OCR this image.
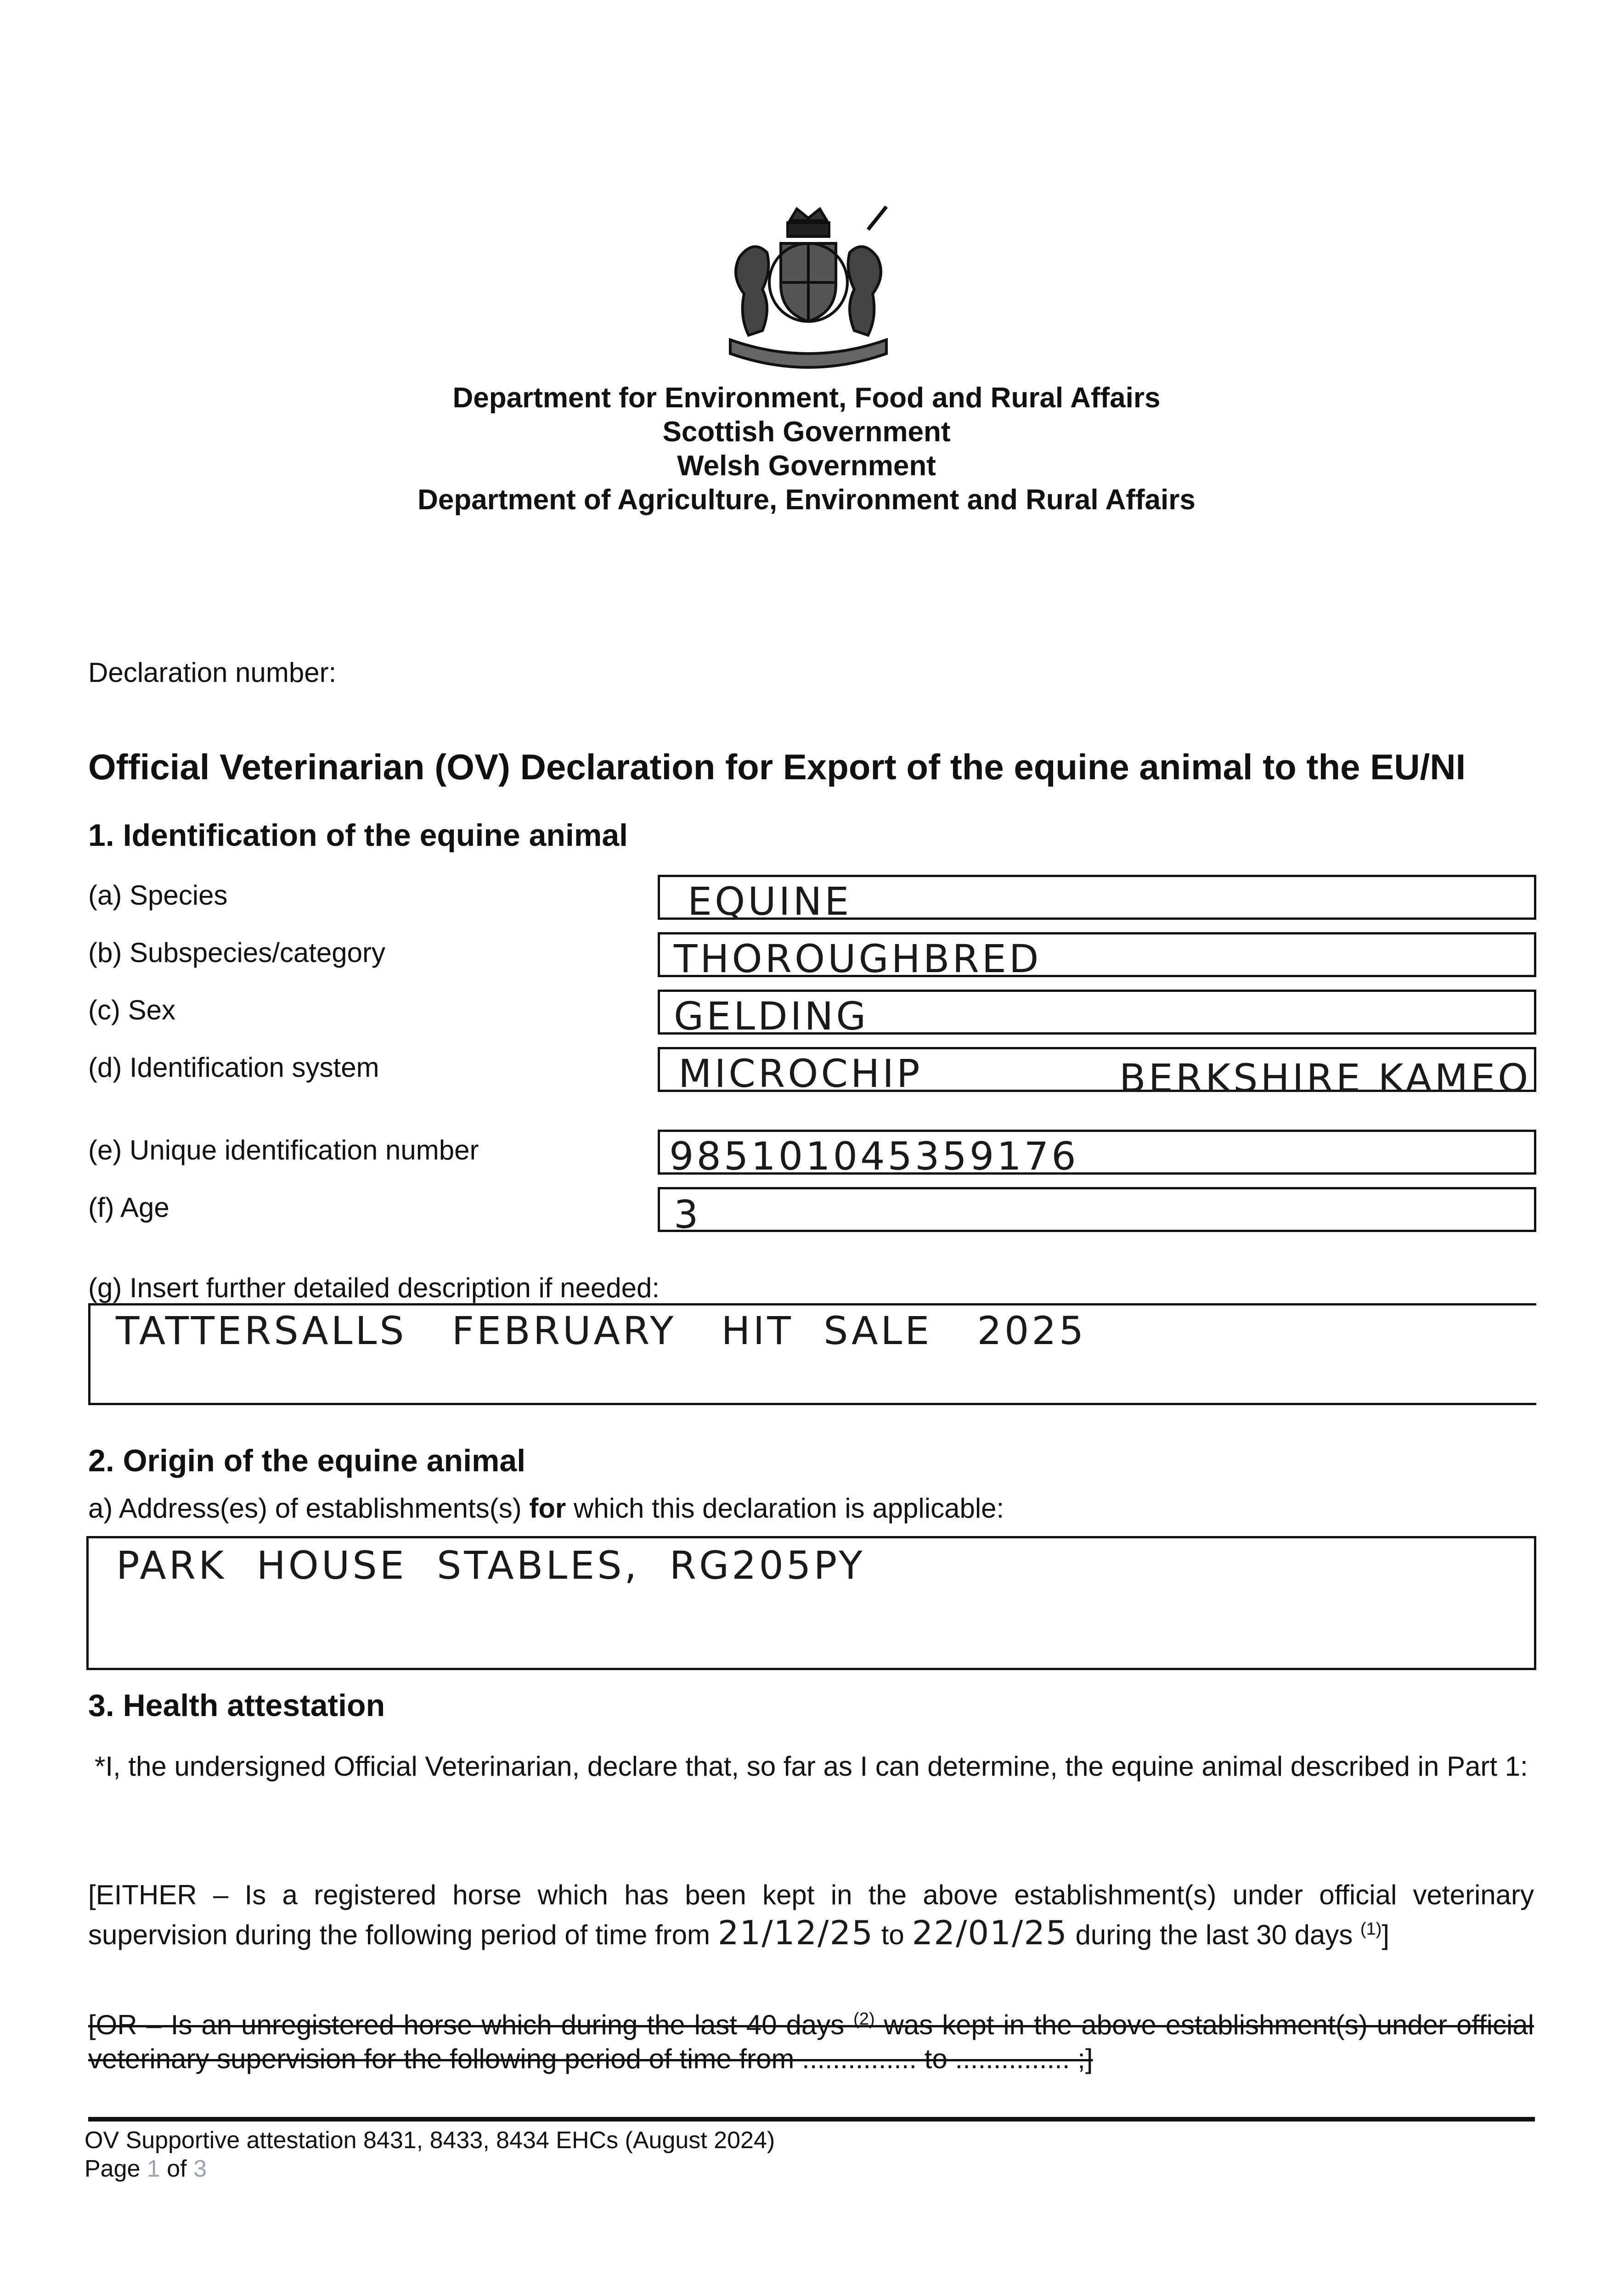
Department for Environment, Food and Rural Affairs
Scottish Government
Welsh Government
Department of Agriculture, Environment and Rural Affairs
Declaration number:
Official Veterinarian (OV) Declaration for Export of the equine animal to the EU/NI
1. Identification of the equine animal
(a) Species	EQUINE
(b) Subspecies/category	THOROUGHBRED
(c) Sex	GELDING
(d) Identification system	MICROCHIP	BERKSHIRE KAMEO
(e) Unique identification number	985101045359176
(f) Age	3
(g) Insert further detailed description if needed:
TATTERSALLS   FEBRUARY   HIT  SALE   2025
2. Origin of the equine animal
a) Address(es) of establishments(s) for which this declaration is applicable:
PARK  HOUSE  STABLES,  RG205PY
3. Health attestation
*I, the undersigned Official Veterinarian, declare that, so far as I can determine, the equine animal described in Part 1:
[EITHER – Is a registered horse which has been kept in the above establishment(s) under official veterinary supervision during the following period of time from 21/12/25 to 22/01/25 during the last 30 days $^{(1)}$]
[OR – Is an unregistered horse which during the last 40 days $^{(2)}$ was kept in the above establishment(s) under official veterinary supervision for the following period of time from ............... to ............... ;]
OV Supportive attestation 8431, 8433, 8434 EHCs (August 2024)
Page 1 of 3
